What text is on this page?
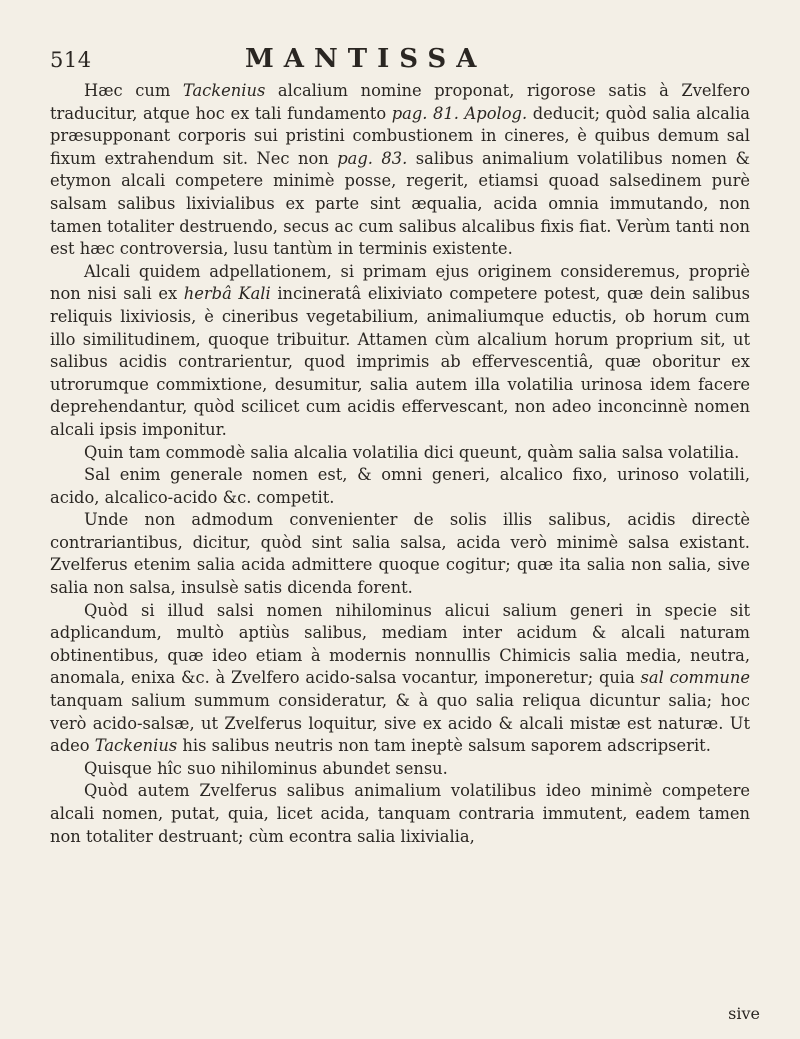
514	MANTISSA

Hæc cum Tackenius alcalium nomine proponat, rigorose satis à Zvelfero traducitur, atque hoc ex tali fundamento pag. 81. Apolog. deducit; quòd salia alcalia præsupponant corporis sui pristini combustionem in cineres, è quibus demum sal fixum extrahendum sit. Nec non pag. 83. salibus animalium volatilibus nomen & etymon alcali competere minimè posse, regerit, etiamsi quoad salsedinem purè salsam salibus lixivialibus ex parte sint æqualia, acida omnia immutando, non tamen totaliter destruendo, secus ac cum salibus alcalibus fixis fiat. Verùm tanti non est hæc controversia, lusu tantùm in terminis existente.

Alcali quidem adpellationem, si primam ejus originem consideremus, propriè non nisi sali ex herbâ Kali incineratâ elixiviato competere potest, quæ dein salibus reliquis lixiviosis, è cineribus vegetabilium, animaliumque eductis, ob horum cum illo similitudinem, quoque tribuitur. Attamen cùm alcalium horum proprium sit, ut salibus acidis contrarientur, quod imprimis ab effervescentiâ, quæ oboritur ex utrorumque commixtione, desumitur, salia autem illa volatilia urinosa idem facere deprehendantur, quòd scilicet cum acidis effervescant, non adeo inconcinnè nomen alcali ipsis imponitur.

Quin tam commodè salia alcalia volatilia dici queunt, quàm salia salsa volatilia.

Sal enim generale nomen est, & omni generi, alcalico fixo, urinoso volatili, acido, alcalico-acido &c. competit.

Unde non admodum convenienter de solis illis salibus, acidis directè contrariantibus, dicitur, quòd sint salia salsa, acida verò minimè salsa existant. Zvelferus etenim salia acida admittere quoque cogitur; quæ ita salia non salia, sive salia non salsa, insulsè satis dicenda forent.

Quòd si illud salsi nomen nihilominus alicui salium generi in specie sit adplicandum, multò aptiùs salibus, mediam inter acidum & alcali naturam obtinentibus, quæ ideo etiam à modernis nonnullis Chimicis salia media, neutra, anomala, enixa &c. à Zvelfero acido-salsa vocantur, imponeretur; quia sal commune tanquam salium summum consideratur, & à quo salia reliqua dicuntur salia; hoc verò acido-salsæ, ut Zvelferus loquitur, sive ex acido & alcali mistæ est naturæ. Ut adeo Tackenius his salibus neutris non tam ineptè salsum saporem adscripserit.

Quisque hîc suo nihilominus abundet sensu.

Quòd autem Zvelferus salibus animalium volatilibus ideo minimè competere alcali nomen, putat, quia, licet acida, tanquam contraria immutent, eadem tamen non totaliter destruant; cùm econtra salia lixivialia,

sive
